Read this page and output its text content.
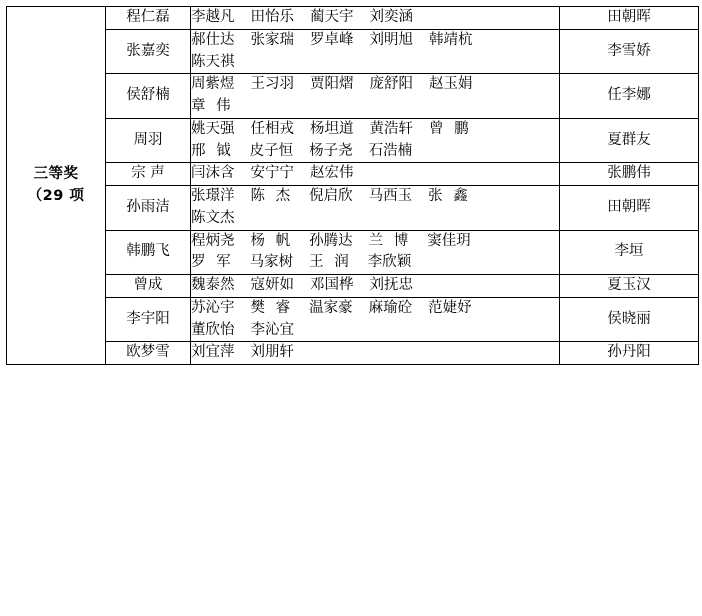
三等奖
（29 项	程仁磊	李越凡 田怡乐 蔺天宇 刘奕涵	田朝晖
	张嘉奕	郝仕达 张家瑞 罗卓峰 刘明旭 韩靖杭
陈天祺	李雪娇
	侯舒楠	周紫煜 王习羽 贾阳熠 庞舒阳 赵玉娟
章 伟	任李娜
	周羽	姚天强 任相戎 杨坦道 黄浩轩 曾 鹏
邢 钺 皮子恒 杨子尧 石浩楠	夏群友
	宗 声	闫沫含 安宁宁 赵宏伟	张鹏伟
	孙雨洁	张璟洋 陈 杰 倪启欣 马西玉 张 鑫
陈文杰	田朝晖
	韩鹏飞	程炳尧 杨 帆 孙腾达 兰 博 窦佳玥
罗 军 马家树 王 润 李欣颖	李垣
	曾成	魏泰然 寇妍如 邓国桦 刘抚忠	夏玉汉
	李宇阳	苏沁宇 樊 睿 温家豪 麻瑜砼 范婕妤
董欣怡 李沁宜	侯晓丽
	欧梦雪	刘宜萍 刘朋轩	孙丹阳
